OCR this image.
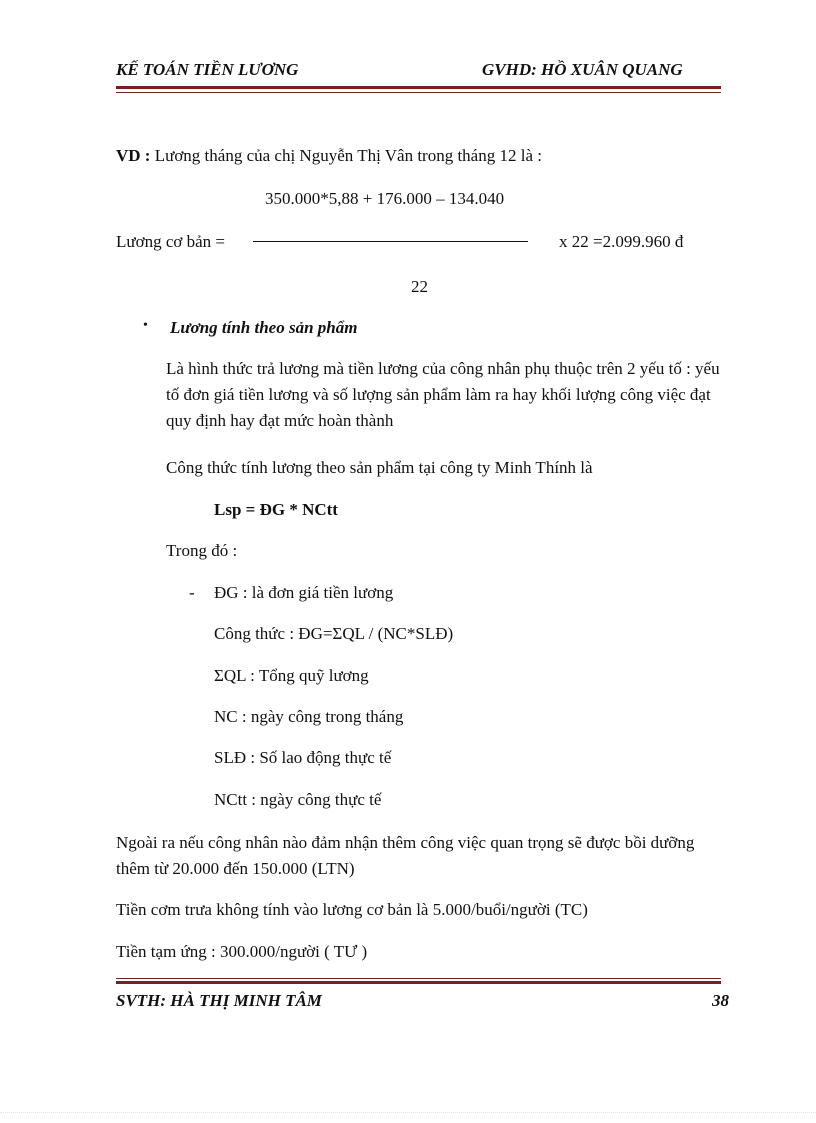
KẾ TOÁN TIỀN LƯƠNG	GVHD: HỒ XUÂN QUANG
VD : Lương tháng của chị Nguyễn Thị Vân trong tháng 12 là :
350.000*5,88 + 176.000 – 134.040
Lương cơ bản =	x 22 =2.099.960 đ
22
• Lương tính theo sản phẩm
Là hình thức trả lương mà tiền lương của công nhân phụ thuộc trên 2 yếu tố : yếu tố đơn giá tiền lương và số lượng sản phẩm làm ra hay khối lượng công việc đạt quy định hay đạt mức hoàn thành
Công thức tính lương theo sản phẩm tại công ty Minh Thính là
Lsp = ĐG * NCtt
Trong đó :
- ĐG : là đơn giá tiền lương
Công thức : ĐG=ΣQL / (NC*SLĐ)
ΣQL : Tổng quỹ lương
NC : ngày công trong tháng
SLĐ : Số lao động thực tế
NCtt : ngày công thực tế
Ngoài ra nếu công nhân nào đảm nhận thêm công việc quan trọng sẽ được bồi dưỡng thêm từ 20.000 đến 150.000 (LTN)
Tiền cơm trưa không tính vào lương cơ bản là 5.000/buổi/người (TC)
Tiền tạm ứng : 300.000/người ( TƯ )
SVTH: HÀ THỊ MINH TÂM	38
